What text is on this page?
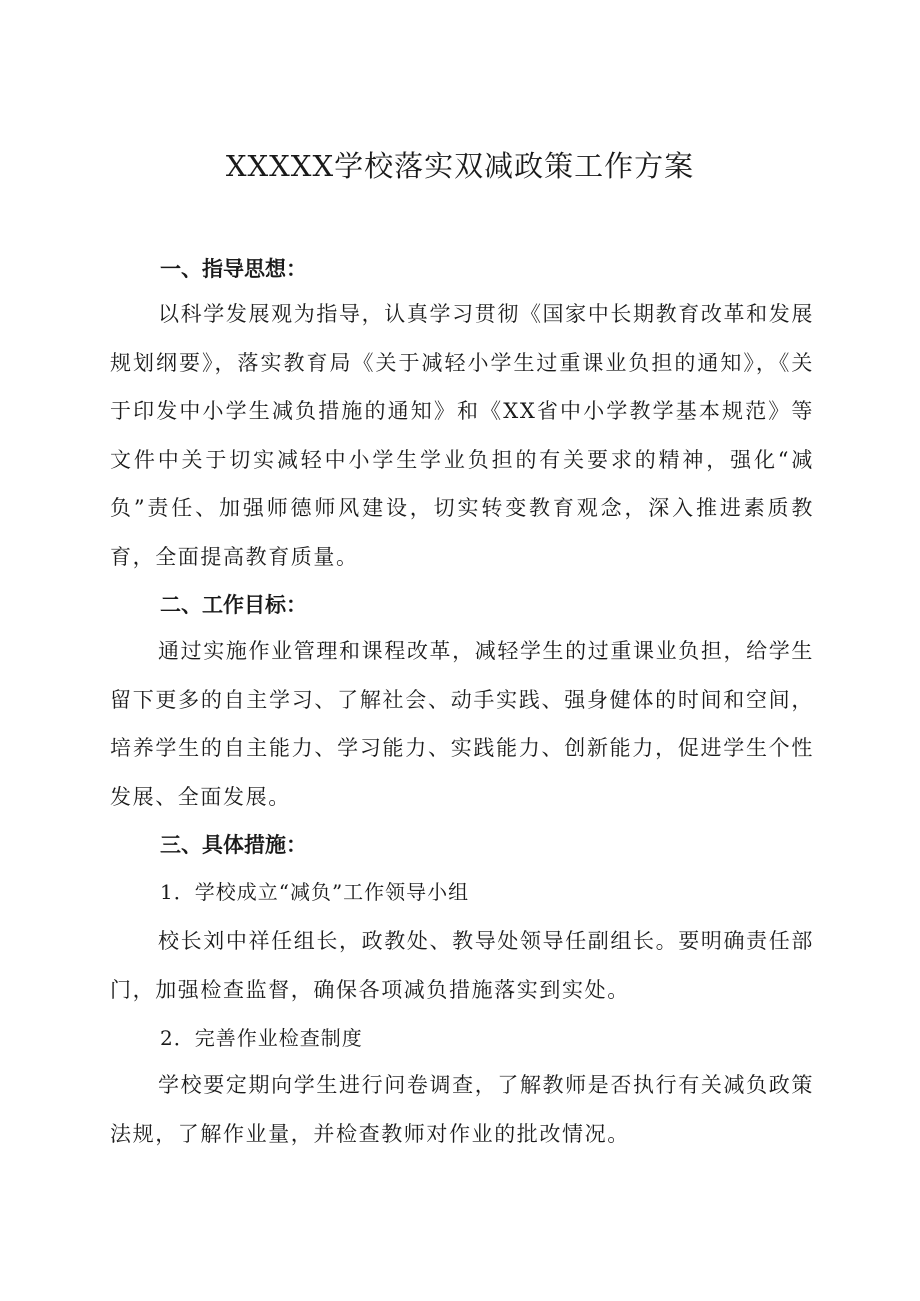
XXXXX学校落实双减政策工作方案
一、指导思想：

以科学发展观为指导，认真学习贯彻《国家中长期教育改革和发展规划纲要》，落实教育局《关于减轻小学生过重课业负担的通知》，《关于印发中小学生减负措施的通知》和《XX省中小学教学基本规范》等文件中关于切实减轻中小学生学业负担的有关要求的精神，强化“减负”责任、加强师德师风建设，切实转变教育观念，深入推进素质教育，全面提高教育质量。

二、工作目标：

通过实施作业管理和课程改革，减轻学生的过重课业负担，给学生留下更多的自主学习、了解社会、动手实践、强身健体的时间和空间，培养学生的自主能力、学习能力、实践能力、创新能力，促进学生个性发展、全面发展。

三、具体措施：

1．学校成立“减负”工作领导小组

校长刘中祥任组长，政教处、教导处领导任副组长。要明确责任部门，加强检查监督，确保各项减负措施落实到实处。

2．完善作业检查制度

学校要定期向学生进行问卷调查，了解教师是否执行有关减负政策法规，了解作业量，并检查教师对作业的批改情况。
